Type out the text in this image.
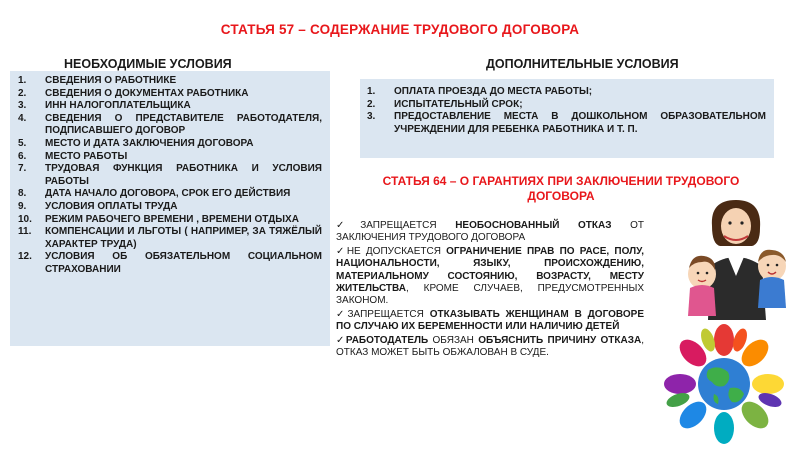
СТАТЬЯ 57 – СОДЕРЖАНИЕ ТРУДОВОГО ДОГОВОРА
НЕОБХОДИМЫЕ УСЛОВИЯ	ДОПОЛНИТЕЛЬНЫЕ УСЛОВИЯ
1.	СВЕДЕНИЯ О РАБОТНИКЕ
2.	СВЕДЕНИЯ О ДОКУМЕНТАХ РАБОТНИКА
3.	ИНН НАЛОГОПЛАТЕЛЬЩИКА
4.	СВЕДЕНИЯ О ПРЕДСТАВИТЕЛЕ РАБОТОДАТЕЛЯ, ПОДПИСАВШЕГО ДОГОВОР
5.	МЕСТО И ДАТА ЗАКЛЮЧЕНИЯ ДОГОВОРА
6.	МЕСТО РАБОТЫ
7.	ТРУДОВАЯ ФУНКЦИЯ РАБОТНИКА И УСЛОВИЯ РАБОТЫ
8.	ДАТА НАЧАЛО ДОГОВОРА, СРОК ЕГО ДЕЙСТВИЯ
9.	УСЛОВИЯ ОПЛАТЫ ТРУДА
10.	РЕЖИМ РАБОЧЕГО ВРЕМЕНИ , ВРЕМЕНИ ОТДЫХА
11.	КОМПЕНСАЦИИ И ЛЬГОТЫ ( НАПРИМЕР, ЗА ТЯЖЁЛЫЙ ХАРАКТЕР ТРУДА)
12.	УСЛОВИЯ ОБ ОБЯЗАТЕЛЬНОМ СОЦИАЛЬНОМ СТРАХОВАНИИ
1.	ОПЛАТА ПРОЕЗДА ДО МЕСТА РАБОТЫ;
2.	ИСПЫТАТЕЛЬНЫЙ СРОК;
3.	ПРЕДОСТАВЛЕНИЕ МЕСТА В ДОШКОЛЬНОМ ОБРАЗОВАТЕЛЬНОМ УЧРЕЖДЕНИИ ДЛЯ РЕБЕНКА РАБОТНИКА И Т. П.
СТАТЬЯ 64 – О ГАРАНТИЯХ ПРИ ЗАКЛЮЧЕНИИ ТРУДОВОГО ДОГОВОРА

✓ЗАПРЕЩАЕТСЯ НЕОБОСНОВАННЫЙ ОТКАЗ ОТ ЗАКЛЮЧЕНИЯ ТРУДОВОГО ДОГОВОРА

✓НЕ ДОПУСКАЕТСЯ ОГРАНИЧЕНИЕ ПРАВ ПО РАСЕ, ПОЛУ, НАЦИОНАЛЬНОСТИ, ЯЗЫКУ, ПРОИСХОЖДЕНИЮ, МАТЕРИАЛЬНОМУ СОСТОЯНИЮ, ВОЗРАСТУ, МЕСТУ ЖИТЕЛЬСТВА, КРОМЕ СЛУЧАЕВ, ПРЕДУСМОТРЕННЫХ ЗАКОНОМ.

✓ЗАПРЕЩАЕТСЯ ОТКАЗЫВАТЬ ЖЕНЩИНАМ В ДОГОВОРЕ ПО СЛУЧАЮ ИХ БЕРЕМЕННОСТИ ИЛИ НАЛИЧИЮ ДЕТЕЙ

✓РАБОТОДАТЕЛЬ ОБЯЗАН ОБЪЯСНИТЬ ПРИЧИНУ ОТКАЗА, ОТКАЗ МОЖЕТ БЫТЬ ОБЖАЛОВАН В СУДЕ.
